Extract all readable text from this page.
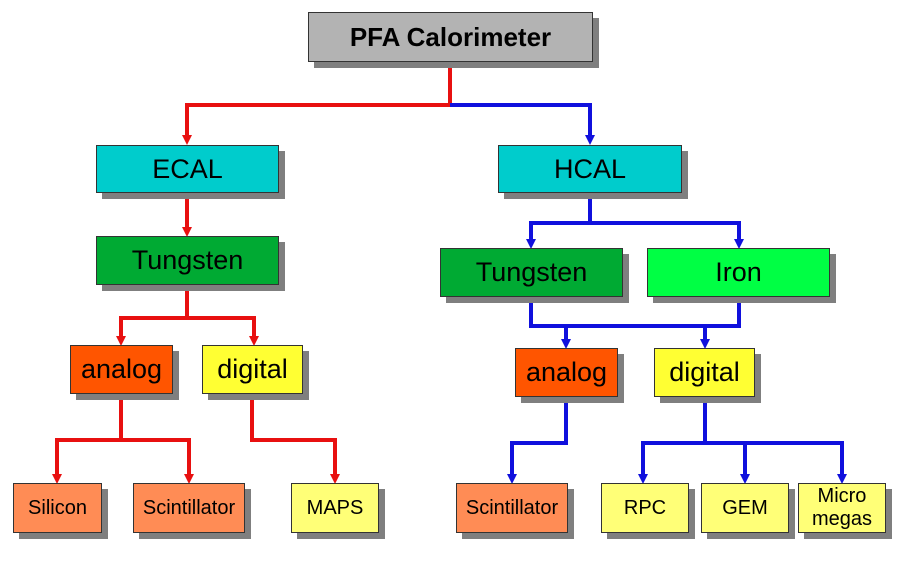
PFA Calorimeter
ECAL
Tungsten
analog	digital
Silicon	Scintillator	MAPS
HCAL
Tungsten	Iron
analog	digital
Scintillator	RPC	GEM
Micro
megas
